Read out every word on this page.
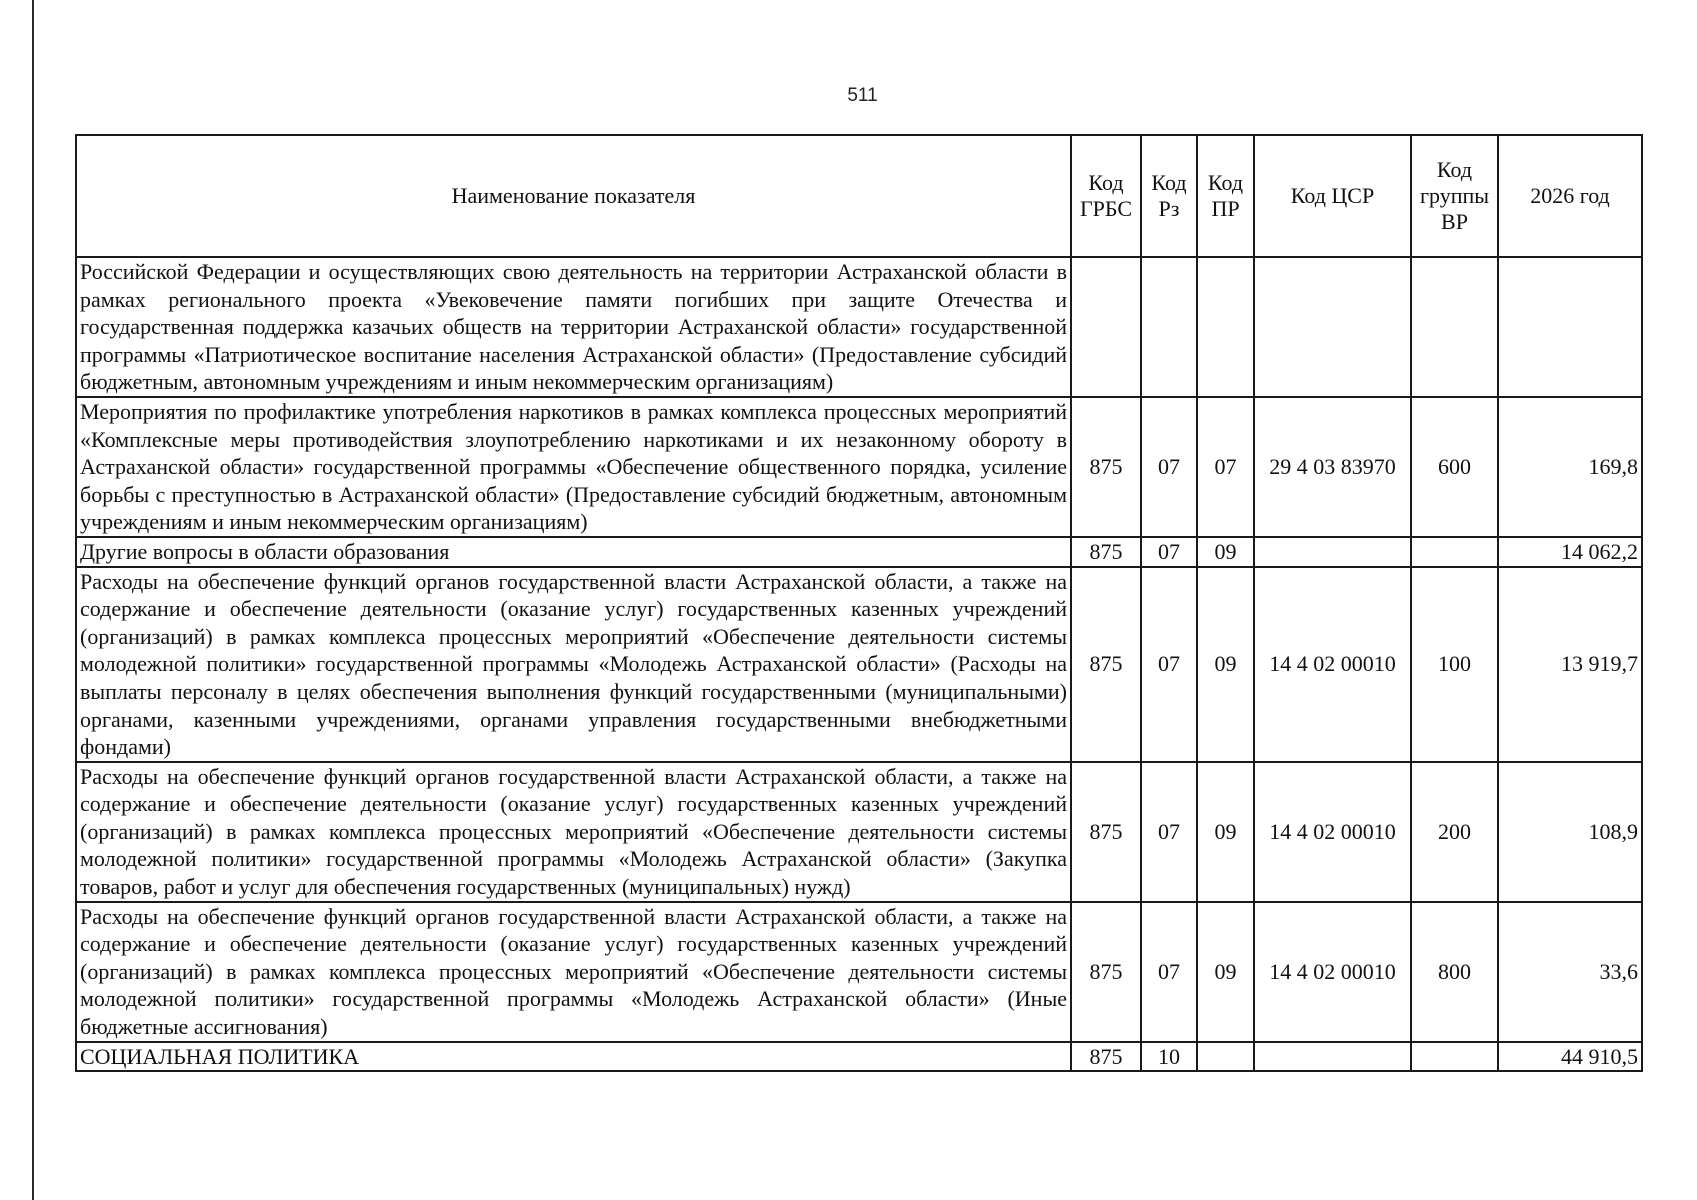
511
Наименование показателя	Код ГРБС	Код Рз	Код ПР	Код ЦСР	Код группы ВР	2026 год
Российской Федерации и осуществляющих свою деятельность на территории Астраханской области в рамках регионального проекта «Увековечение памяти погибших при защите Отечества и государственная поддержка казачьих обществ на территории Астраханской области» государственной программы «Патриотическое воспитание населения Астраханской области» (Предоставление субсидий бюджетным, автономным учреждениям и иным некоммерческим организациям)						
Мероприятия по профилактике употребления наркотиков в рамках комплекса процессных мероприятий «Комплексные меры противодействия злоупотреблению наркотиками и их незаконному обороту в Астраханской области» государственной программы «Обеспечение общественного порядка, усиление борьбы с преступностью в Астраханской области» (Предоставление субсидий бюджетным, автономным учреждениям и иным некоммерческим организациям)	875	07	07	29 4 03 83970	600	169,8
Другие вопросы в области образования	875	07	09			14 062,2
Расходы на обеспечение функций органов государственной власти Астраханской области, а также на содержание и обеспечение деятельности (оказание услуг) государственных казенных учреждений (организаций) в рамках комплекса процессных мероприятий «Обеспечение деятельности системы молодежной политики» государственной программы «Молодежь Астраханской области» (Расходы на выплаты персоналу в целях обеспечения выполнения функций государственными (муниципальными) органами, казенными учреждениями, органами управления государственными внебюджетными фондами)	875	07	09	14 4 02 00010	100	13 919,7
Расходы на обеспечение функций органов государственной власти Астраханской области, а также на содержание и обеспечение деятельности (оказание услуг) государственных казенных учреждений (организаций) в рамках комплекса процессных мероприятий «Обеспечение деятельности системы молодежной политики» государственной программы «Молодежь Астраханской области» (Закупка товаров, работ и услуг для обеспечения государственных (муниципальных) нужд)	875	07	09	14 4 02 00010	200	108,9
Расходы на обеспечение функций органов государственной власти Астраханской области, а также на содержание и обеспечение деятельности (оказание услуг) государственных казенных учреждений (организаций) в рамках комплекса процессных мероприятий «Обеспечение деятельности системы молодежной политики» государственной программы «Молодежь Астраханской области» (Иные бюджетные ассигнования)	875	07	09	14 4 02 00010	800	33,6
СОЦИАЛЬНАЯ ПОЛИТИКА	875	10				44 910,5
